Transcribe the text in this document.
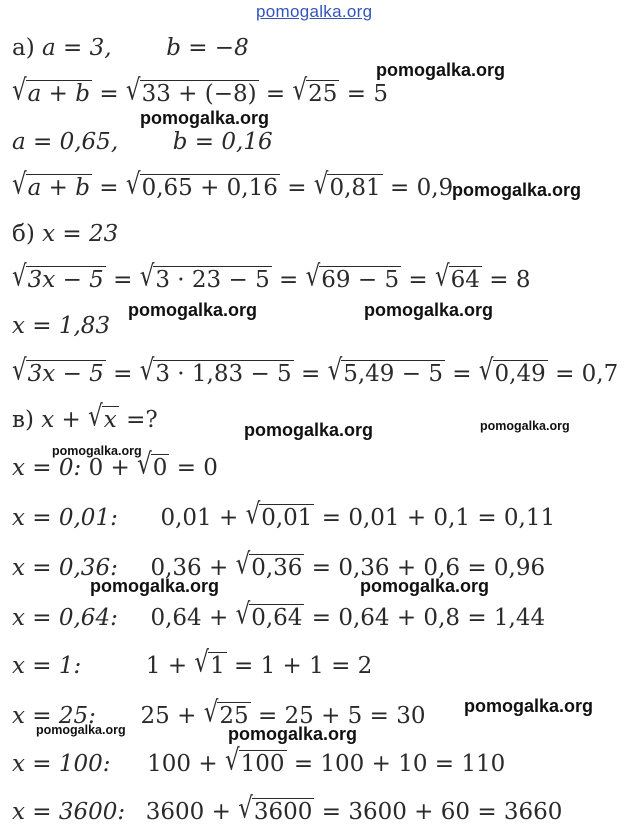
pomogalka.org
а) a = 3, b = −8
√a + b = √33 + (−8) = √25 = 5
a = 0,65, b = 0,16
√a + b = √0,65 + 0,16 = √0,81 = 0,9
б) x = 23
√3x − 5 = √3 · 23 − 5 = √69 − 5 = √64 = 8
x = 1,83
√3x − 5 = √3 · 1,83 − 5 = √5,49 − 5 = √0,49 = 0,7
в) x + √x =?
x = 0: 0 + √0 = 0
x = 0,01: 0,01 + √0,01 = 0,01 + 0,1 = 0,11
x = 0,36: 0,36 + √0,36 = 0,36 + 0,6 = 0,96
x = 0,64: 0,64 + √0,64 = 0,64 + 0,8 = 1,44
x = 1:	1 + √1 = 1 + 1 = 2
x = 25: 25 + √25 = 25 + 5 = 30
x = 100: 100 + √100 = 100 + 10 = 110
x = 3600: 3600 + √3600 = 3600 + 60 = 3660
pomogalka.org
pomogalka.org
pomogalka.org
pomogalka.org	pomogalka.org
pomogalka.org	pomogalka.org
pomogalka.org
pomogalka.org	pomogalka.org
pomogalka.org
pomogalka.org	pomogalka.org
